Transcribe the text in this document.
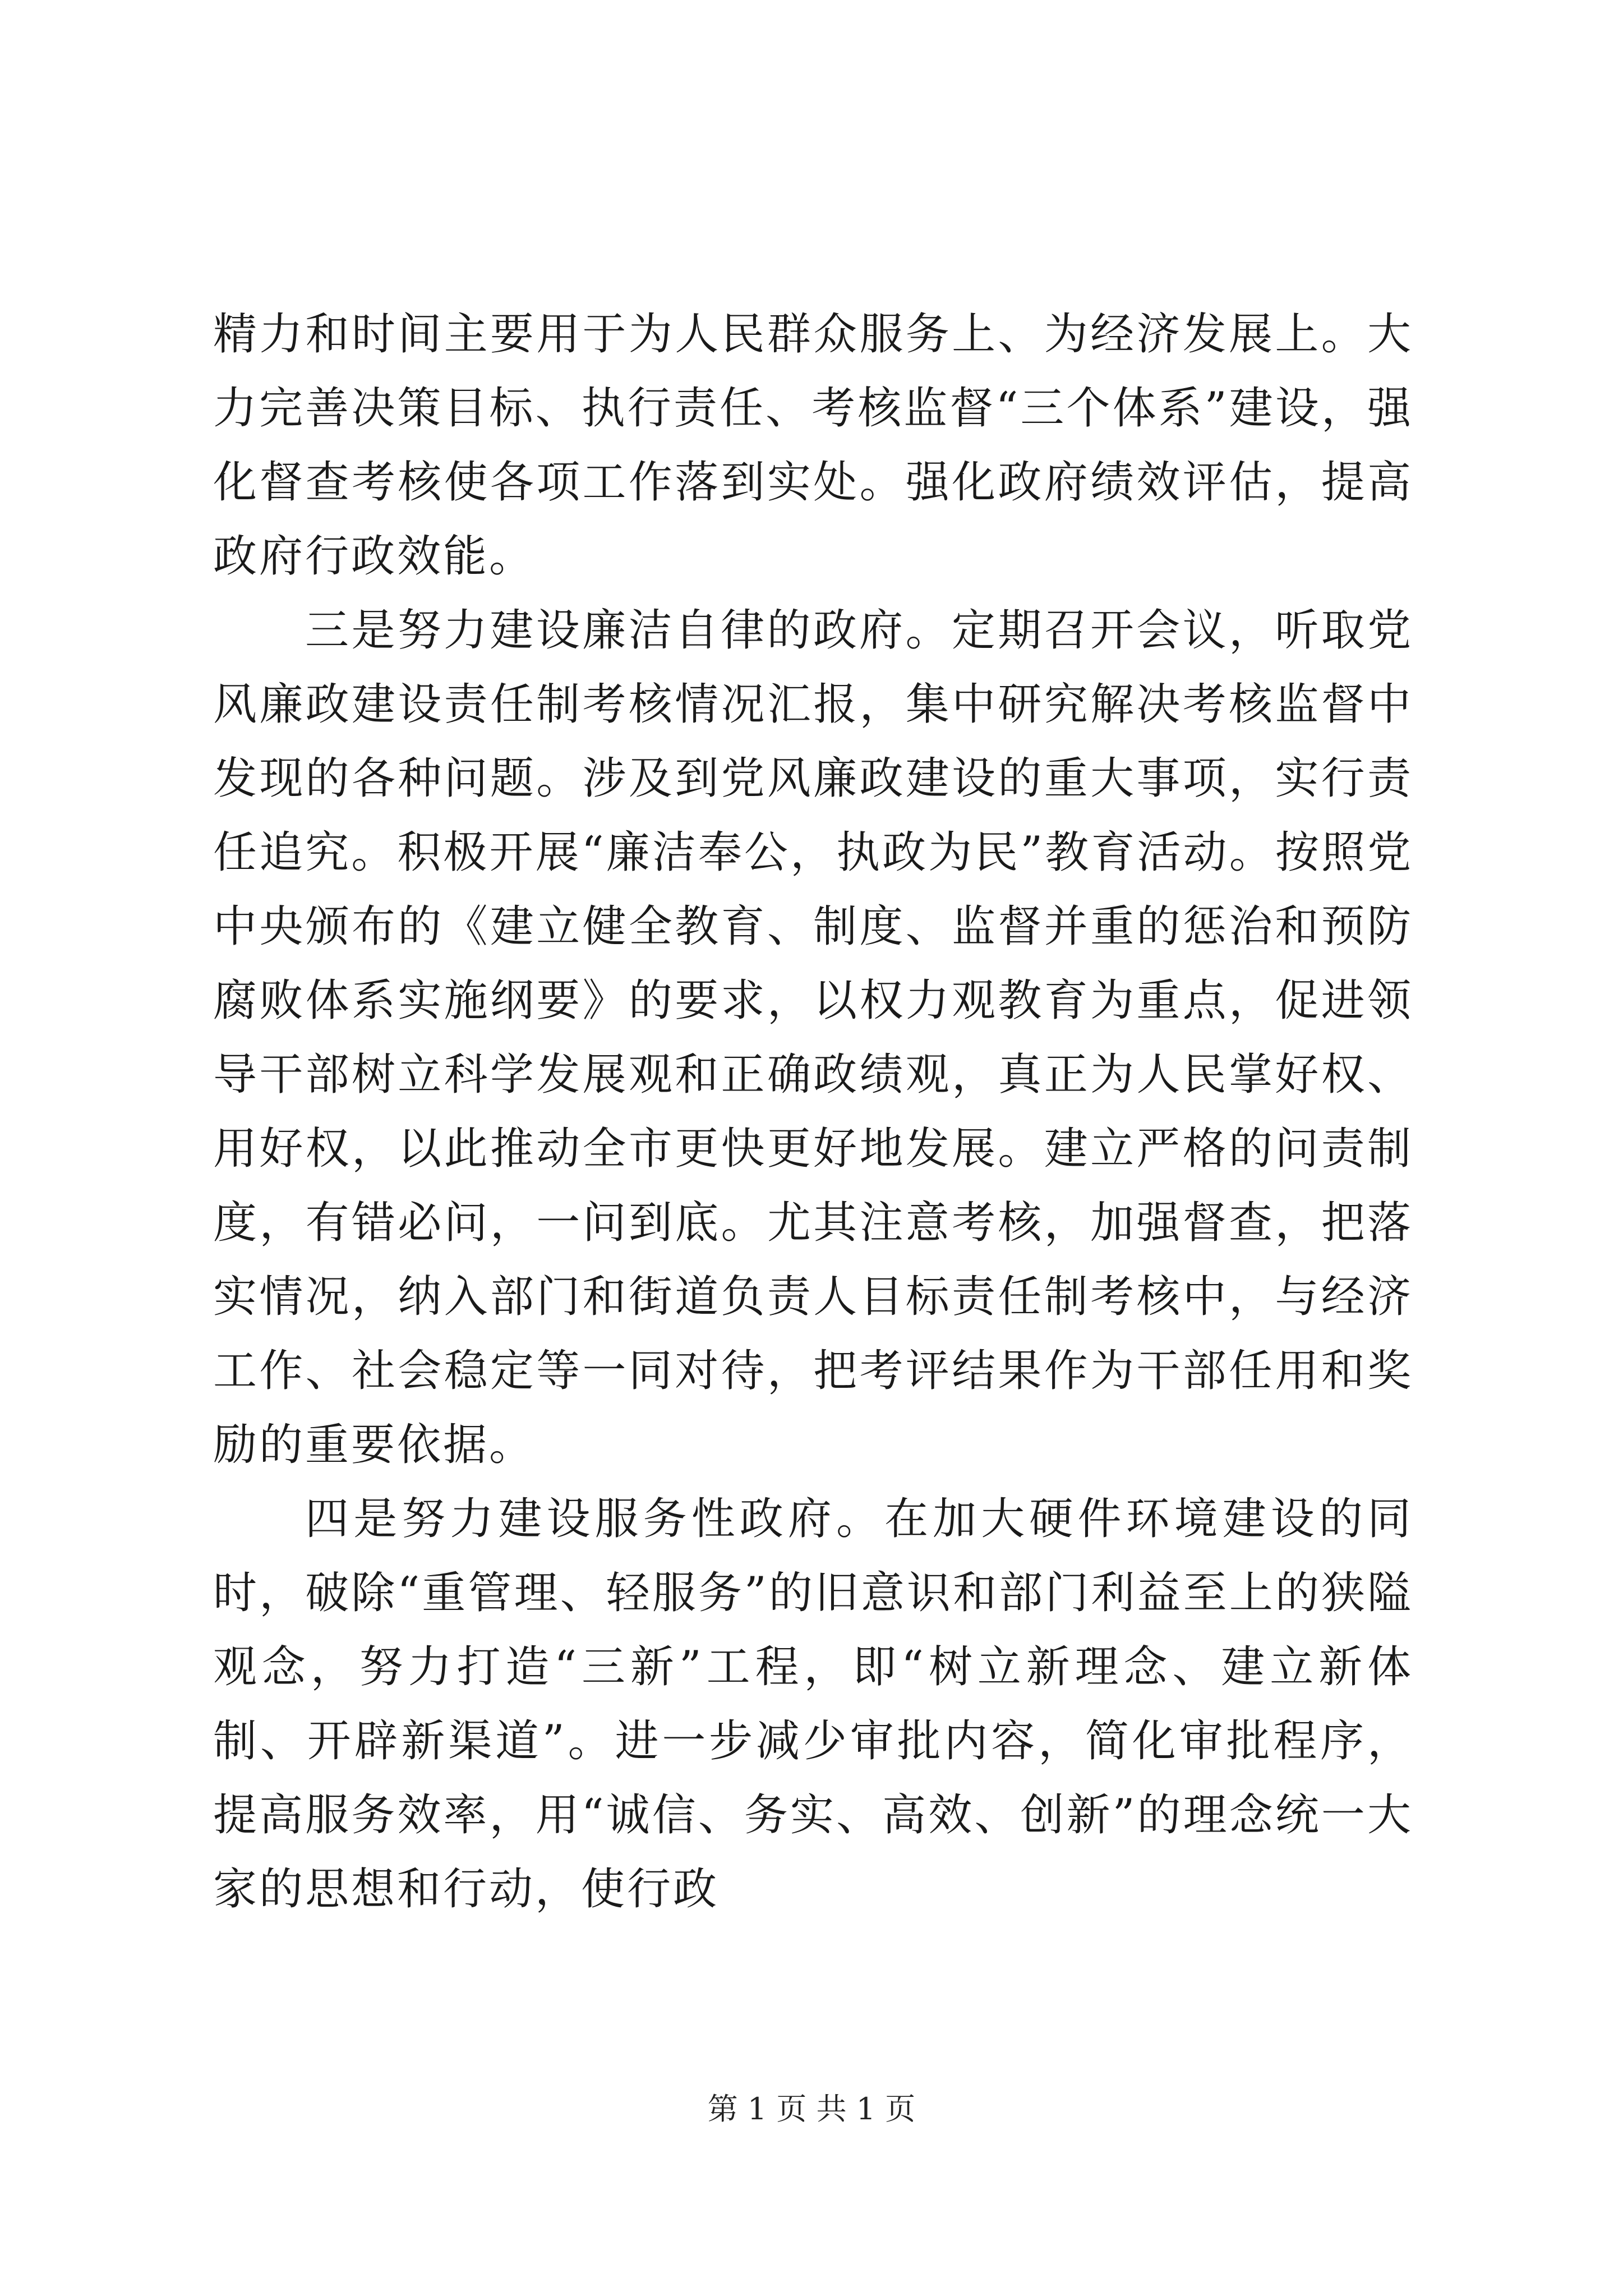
精力和时间主要用于为人民群众服务上、为经济发展上。大力完善决策目标、执行责任、考核监督“三个体系”建设，强化督查考核使各项工作落到实处。强化政府绩效评估，提高政府行政效能。

三是努力建设廉洁自律的政府。定期召开会议，听取党风廉政建设责任制考核情况汇报，集中研究解决考核监督中发现的各种问题。涉及到党风廉政建设的重大事项，实行责任追究。积极开展“廉洁奉公，执政为民”教育活动。按照党中央颁布的《建立健全教育、制度、监督并重的惩治和预防腐败体系实施纲要》的要求，以权力观教育为重点，促进领导干部树立科学发展观和正确政绩观，真正为人民掌好权、用好权，以此推动全市更快更好地发展。建立严格的问责制度，有错必问，一问到底。尤其注意考核，加强督查，把落实情况，纳入部门和街道负责人目标责任制考核中，与经济工作、社会稳定等一同对待，把考评结果作为干部任用和奖励的重要依据。

四是努力建设服务性政府。在加大硬件环境建设的同时，破除“重管理、轻服务”的旧意识和部门利益至上的狭隘观念，努力打造“三新”工程，即“树立新理念、建立新体制、开辟新渠道”。进一步减少审批内容，简化审批程序，提高服务效率，用“诚信、务实、高效、创新”的理念统一大家的思想和行动，使行政

第 1 页 共 1 页
